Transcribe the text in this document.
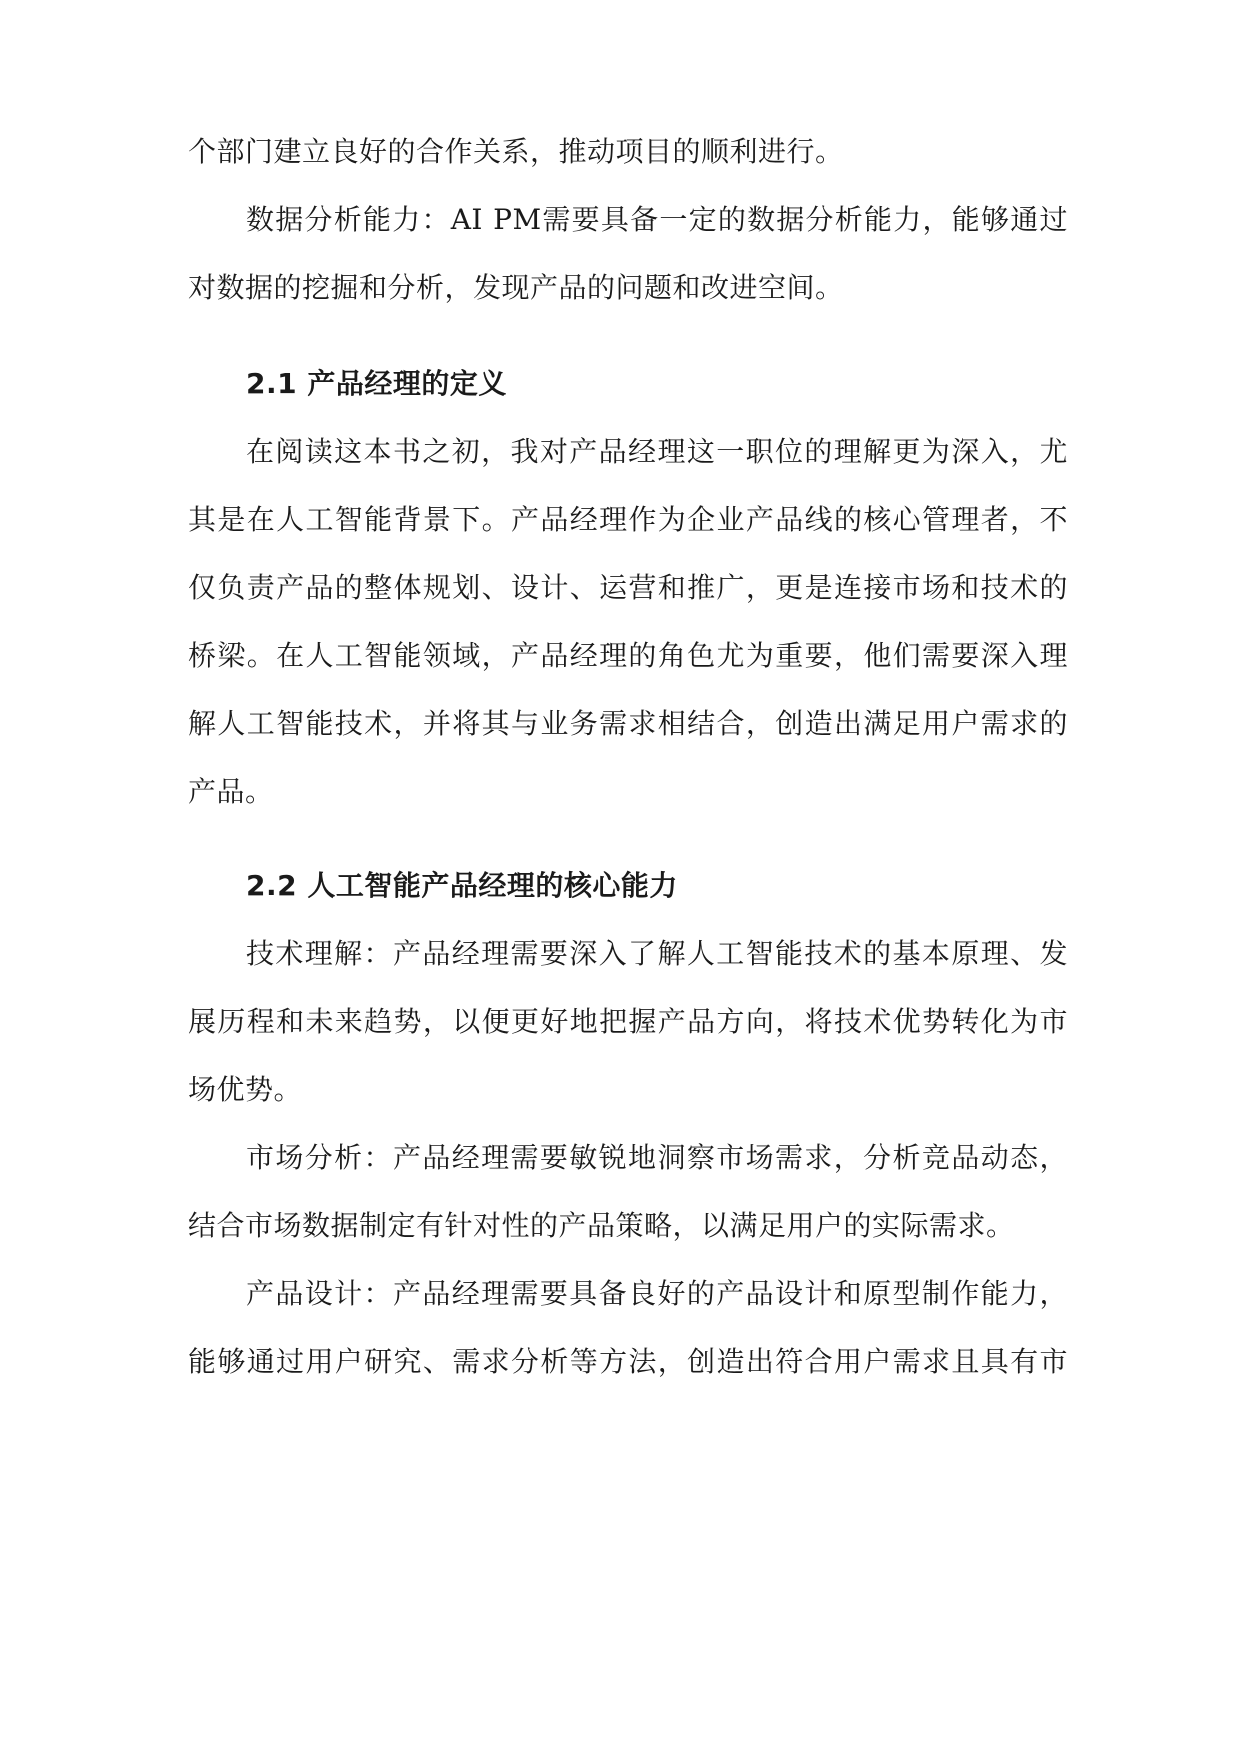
个部门建立良好的合作关系，推动项目的顺利进行。

数据分析能力：AI PM需要具备一定的数据分析能力，能够通过

对数据的挖掘和分析，发现产品的问题和改进空间。

2.1 产品经理的定义

在阅读这本书之初，我对产品经理这一职位的理解更为深入，尤

其是在人工智能背景下。产品经理作为企业产品线的核心管理者，不

仅负责产品的整体规划、设计、运营和推广，更是连接市场和技术的

桥梁。在人工智能领域，产品经理的角色尤为重要，他们需要深入理

解人工智能技术，并将其与业务需求相结合，创造出满足用户需求的

产品。

2.2 人工智能产品经理的核心能力

技术理解：产品经理需要深入了解人工智能技术的基本原理、发

展历程和未来趋势，以便更好地把握产品方向，将技术优势转化为市

场优势。

市场分析：产品经理需要敏锐地洞察市场需求，分析竞品动态，

结合市场数据制定有针对性的产品策略，以满足用户的实际需求。

产品设计：产品经理需要具备良好的产品设计和原型制作能力，

能够通过用户研究、需求分析等方法，创造出符合用户需求且具有市
